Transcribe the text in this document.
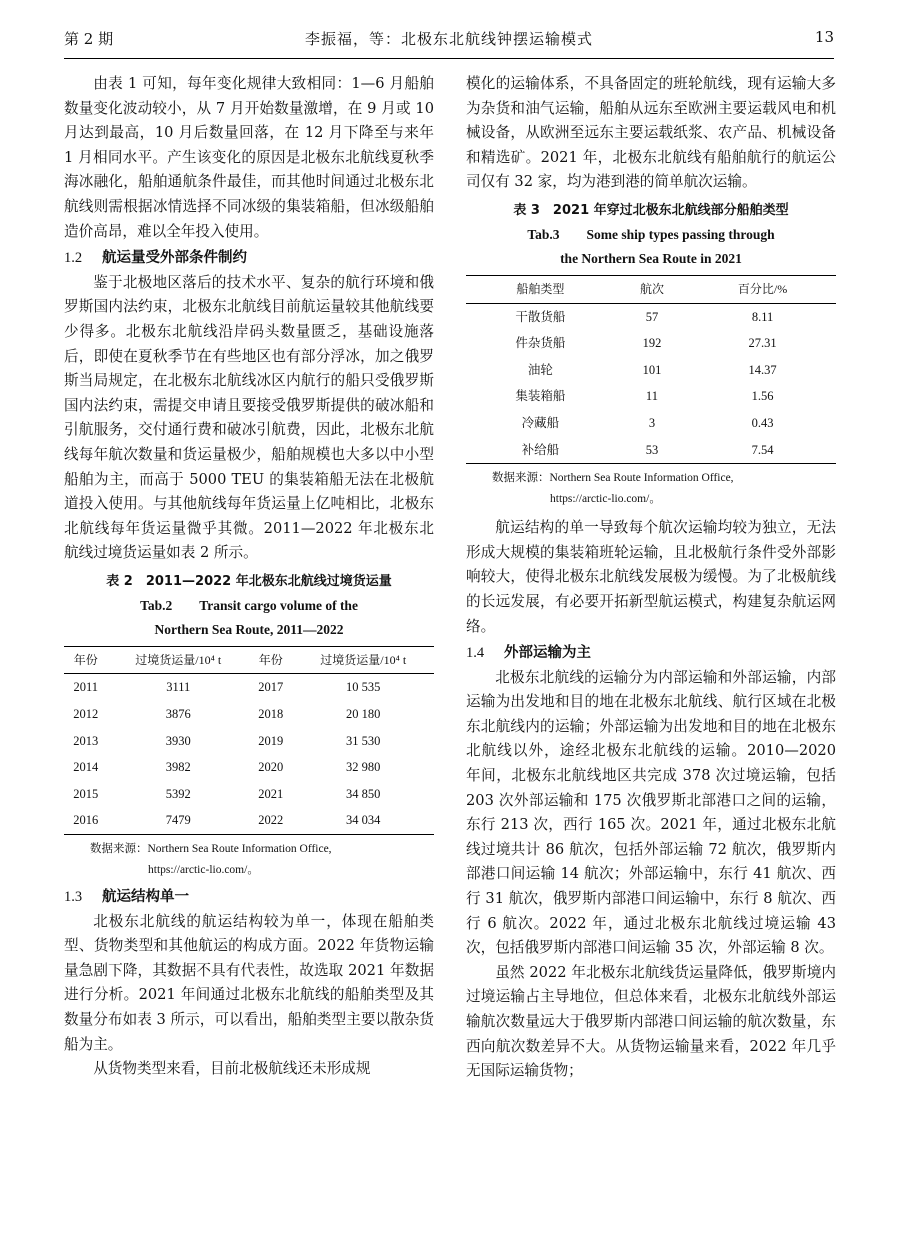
第 2 期	李振福，等：北极东北航线钟摆运输模式	13

由表 1 可知，每年变化规律大致相同：1—6 月船舶数量变化波动较小，从 7 月开始数量激增，在 9 月或 10 月达到最高，10 月后数量回落，在 12 月下降至与来年 1 月相同水平。产生该变化的原因是北极东北航线夏秋季海冰融化，船舶通航条件最佳，而其他时间通过北极东北航线则需根据冰情选择不同冰级的集装箱船，但冰级船舶造价高昂，难以全年投入使用。

1.2 航运量受外部条件制约

鉴于北极地区落后的技术水平、复杂的航行环境和俄罗斯国内法约束，北极东北航线目前航运量较其他航线要少得多。北极东北航线沿岸码头数量匮乏，基础设施落后，即使在夏秋季节在有些地区也有部分浮冰，加之俄罗斯当局规定，在北极东北航线冰区内航行的船只受俄罗斯国内法约束，需提交申请且要接受俄罗斯提供的破冰船和引航服务，交付通行费和破冰引航费，因此，北极东北航线每年航次数量和货运量极少，船舶规模也大多以中小型船舶为主，而高于 5000 TEU 的集装箱船无法在北极航道投入使用。与其他航线每年货运量上亿吨相比，北极东北航线每年货运量微乎其微。2011—2022 年北极东北航线过境货运量如表 2 所示。

表 2　2011—2022 年北极东北航线过境货运量
Tab.2　　Transit cargo volume of the
Northern Sea Route, 2011—2022
年份	过境货运量/10⁴ t	年份	过境货运量/10⁴ t
2011	3111	2017	10 535
2012	3876	2018	20 180
2013	3930	2019	31 530
2014	3982	2020	32 980
2015	5392	2021	34 850
2016	7479	2022	34 034
数据来源：Northern Sea Route Information Office,
https://arctic-lio.com/。
1.3 航运结构单一

北极东北航线的航运结构较为单一，体现在船舶类型、货物类型和其他航运的构成方面。2022 年货物运输量急剧下降，其数据不具有代表性，故选取 2021 年数据进行分析。2021 年间通过北极东北航线的船舶类型及其数量分布如表 3 所示，可以看出，船舶类型主要以散杂货船为主。

从货物类型来看，目前北极航线还未形成规

模化的运输体系，不具备固定的班轮航线，现有运输大多为杂货和油气运输，船舶从远东至欧洲主要运载风电和机械设备，从欧洲至远东主要运载纸浆、农产品、机械设备和精选矿。2021 年，北极东北航线有船舶航行的航运公司仅有 32 家，均为港到港的简单航次运输。

表 3　2021 年穿过北极东北航线部分船舶类型
Tab.3　　Some ship types passing through
the Northern Sea Route in 2021
船舶类型	航次	百分比/%
干散货船	57	8.11
件杂货船	192	27.31
油轮	101	14.37
集装箱船	11	1.56
冷藏船	3	0.43
补给船	53	7.54
数据来源：Northern Sea Route Information Office,
https://arctic-lio.com/。

航运结构的单一导致每个航次运输均较为独立，无法形成大规模的集装箱班轮运输，且北极航行条件受外部影响较大，使得北极东北航线发展极为缓慢。为了北极航线的长远发展，有必要开拓新型航运模式，构建复杂航运网络。

1.4 外部运输为主

北极东北航线的运输分为内部运输和外部运输，内部运输为出发地和目的地在北极东北航线、航行区域在北极东北航线内的运输；外部运输为出发地和目的地在北极东北航线以外，途经北极东北航线的运输。2010—2020 年间，北极东北航线地区共完成 378 次过境运输，包括 203 次外部运输和 175 次俄罗斯北部港口之间的运输，东行 213 次，西行 165 次。2021 年，通过北极东北航线过境共计 86 航次，包括外部运输 72 航次，俄罗斯内部港口间运输 14 航次；外部运输中，东行 41 航次、西行 31 航次，俄罗斯内部港口间运输中，东行 8 航次、西行 6 航次。2022 年，通过北极东北航线过境运输 43 次，包括俄罗斯内部港口间运输 35 次，外部运输 8 次。

虽然 2022 年北极东北航线货运量降低，俄罗斯境内过境运输占主导地位，但总体来看，北极东北航线外部运输航次数量远大于俄罗斯内部港口间运输的航次数量，东西向航次数差异不大。从货物运输量来看，2022 年几乎无国际运输货物；
